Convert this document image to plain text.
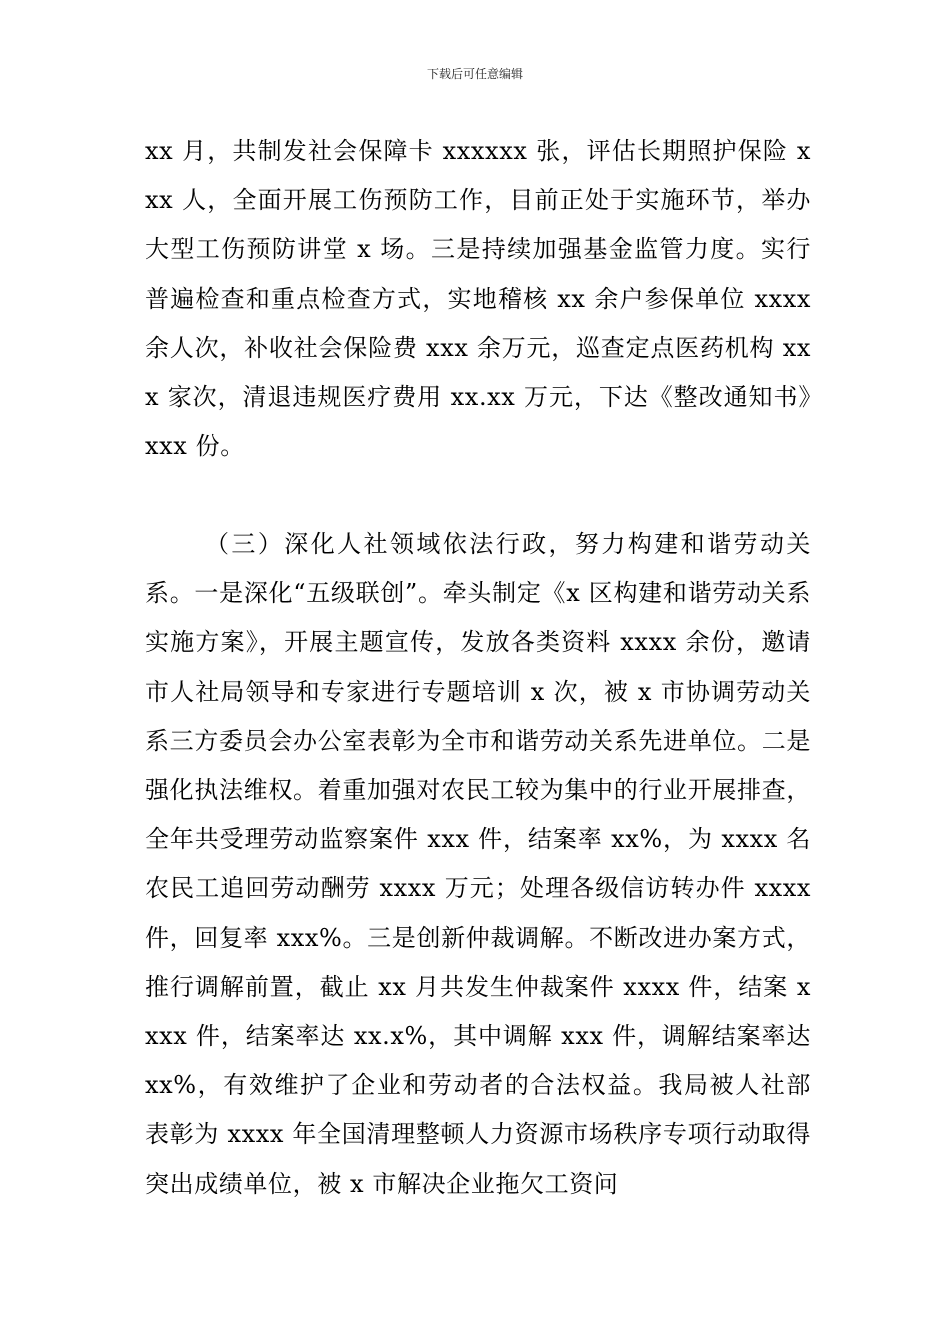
下载后可任意编辑

xx 月，共制发社会保障卡 xxxxxx 张，评估长期照护保险 xxx 人，全面开展工伤预防工作，目前正处于实施环节，举办大型工伤预防讲堂 x 场。三是持续加强基金监管力度。实行普遍检查和重点检查方式，实地稽核 xx 余户参保单位 xxxx 余人次，补收社会保险费 xxx 余万元，巡查定点医药机构 xxx 家次，清退违规医疗费用 xx.xx 万元，下达《整改通知书》xxx 份。

（三）深化人社领域依法行政，努力构建和谐劳动关系。一是深化“五级联创”。牵头制定《x 区构建和谐劳动关系实施方案》，开展主题宣传，发放各类资料 xxxx 余份，邀请市人社局领导和专家进行专题培训 x 次，被 x 市协调劳动关系三方委员会办公室表彰为全市和谐劳动关系先进单位。二是强化执法维权。着重加强对农民工较为集中的行业开展排查，全年共受理劳动监察案件 xxx 件，结案率 xx%，为 xxxx 名农民工追回劳动酬劳 xxxx 万元；处理各级信访转办件 xxxx 件，回复率 xxx%。三是创新仲裁调解。不断改进办案方式，推行调解前置，截止 xx 月共发生仲裁案件 xxxx 件，结案 xxxx 件，结案率达 xx.x%，其中调解 xxx 件，调解结案率达 xx%，有效维护了企业和劳动者的合法权益。我局被人社部表彰为 xxxx 年全国清理整顿人力资源市场秩序专项行动取得突出成绩单位，被 x 市解决企业拖欠工资问
